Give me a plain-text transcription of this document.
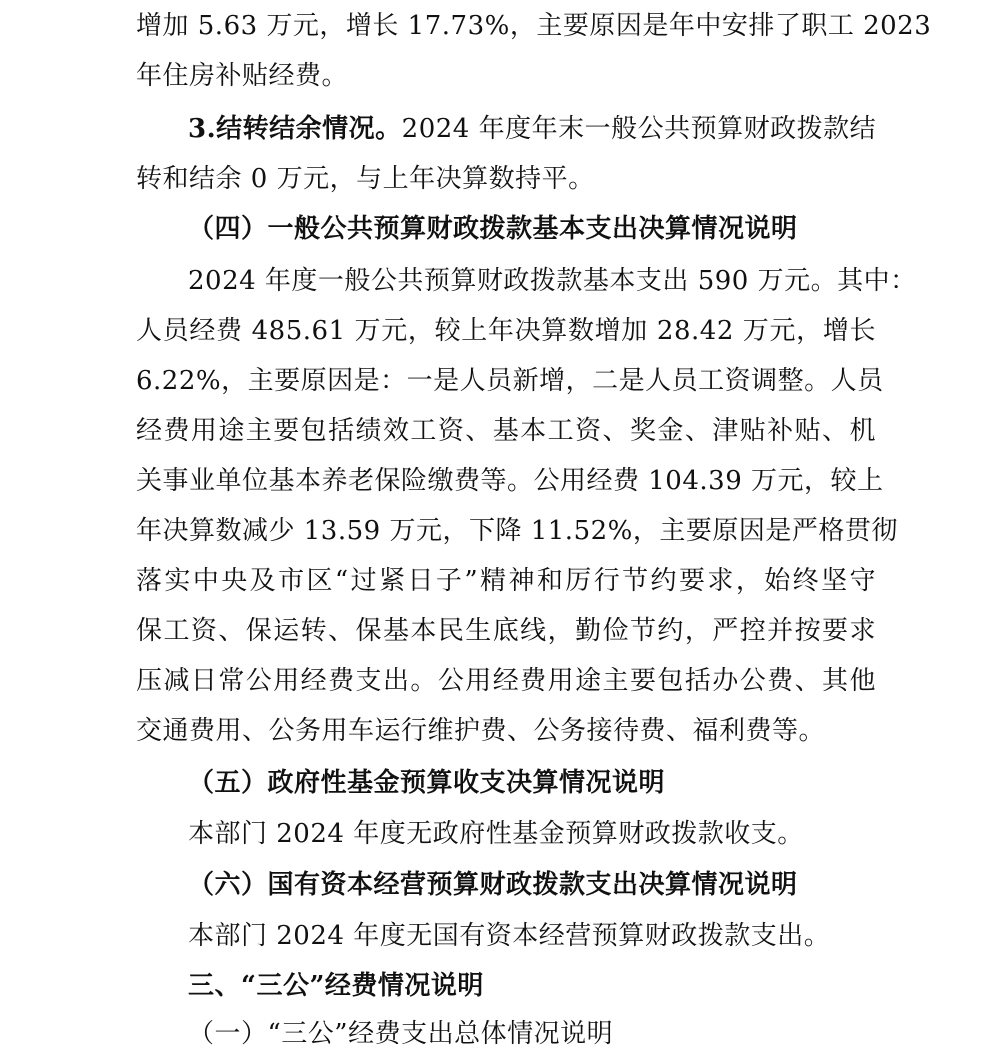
增加 5.63 万元，增长 17.73%，主要原因是年中安排了职工 2023
年住房补贴经费。
3.结转结余情况。2024 年度年末一般公共预算财政拨款结
转和结余 0 万元，与上年决算数持平。
（四）一般公共预算财政拨款基本支出决算情况说明
2024 年度一般公共预算财政拨款基本支出 590 万元。其中：
人员经费 485.61 万元，较上年决算数增加 28.42 万元，增长
6.22%，主要原因是：一是人员新增，二是人员工资调整。人员
经费用途主要包括绩效工资、基本工资、奖金、津贴补贴、机
关事业单位基本养老保险缴费等。公用经费 104.39 万元，较上
年决算数减少 13.59 万元，下降 11.52%，主要原因是严格贯彻
落实中央及市区“过紧日子”精神和厉行节约要求，始终坚守
保工资、保运转、保基本民生底线，勤俭节约，严控并按要求
压减日常公用经费支出。公用经费用途主要包括办公费、其他
交通费用、公务用车运行维护费、公务接待费、福利费等。
（五）政府性基金预算收支决算情况说明
本部门 2024 年度无政府性基金预算财政拨款收支。
（六）国有资本经营预算财政拨款支出决算情况说明
本部门 2024 年度无国有资本经营预算财政拨款支出。
三、“三公”经费情况说明
（一）“三公”经费支出总体情况说明
